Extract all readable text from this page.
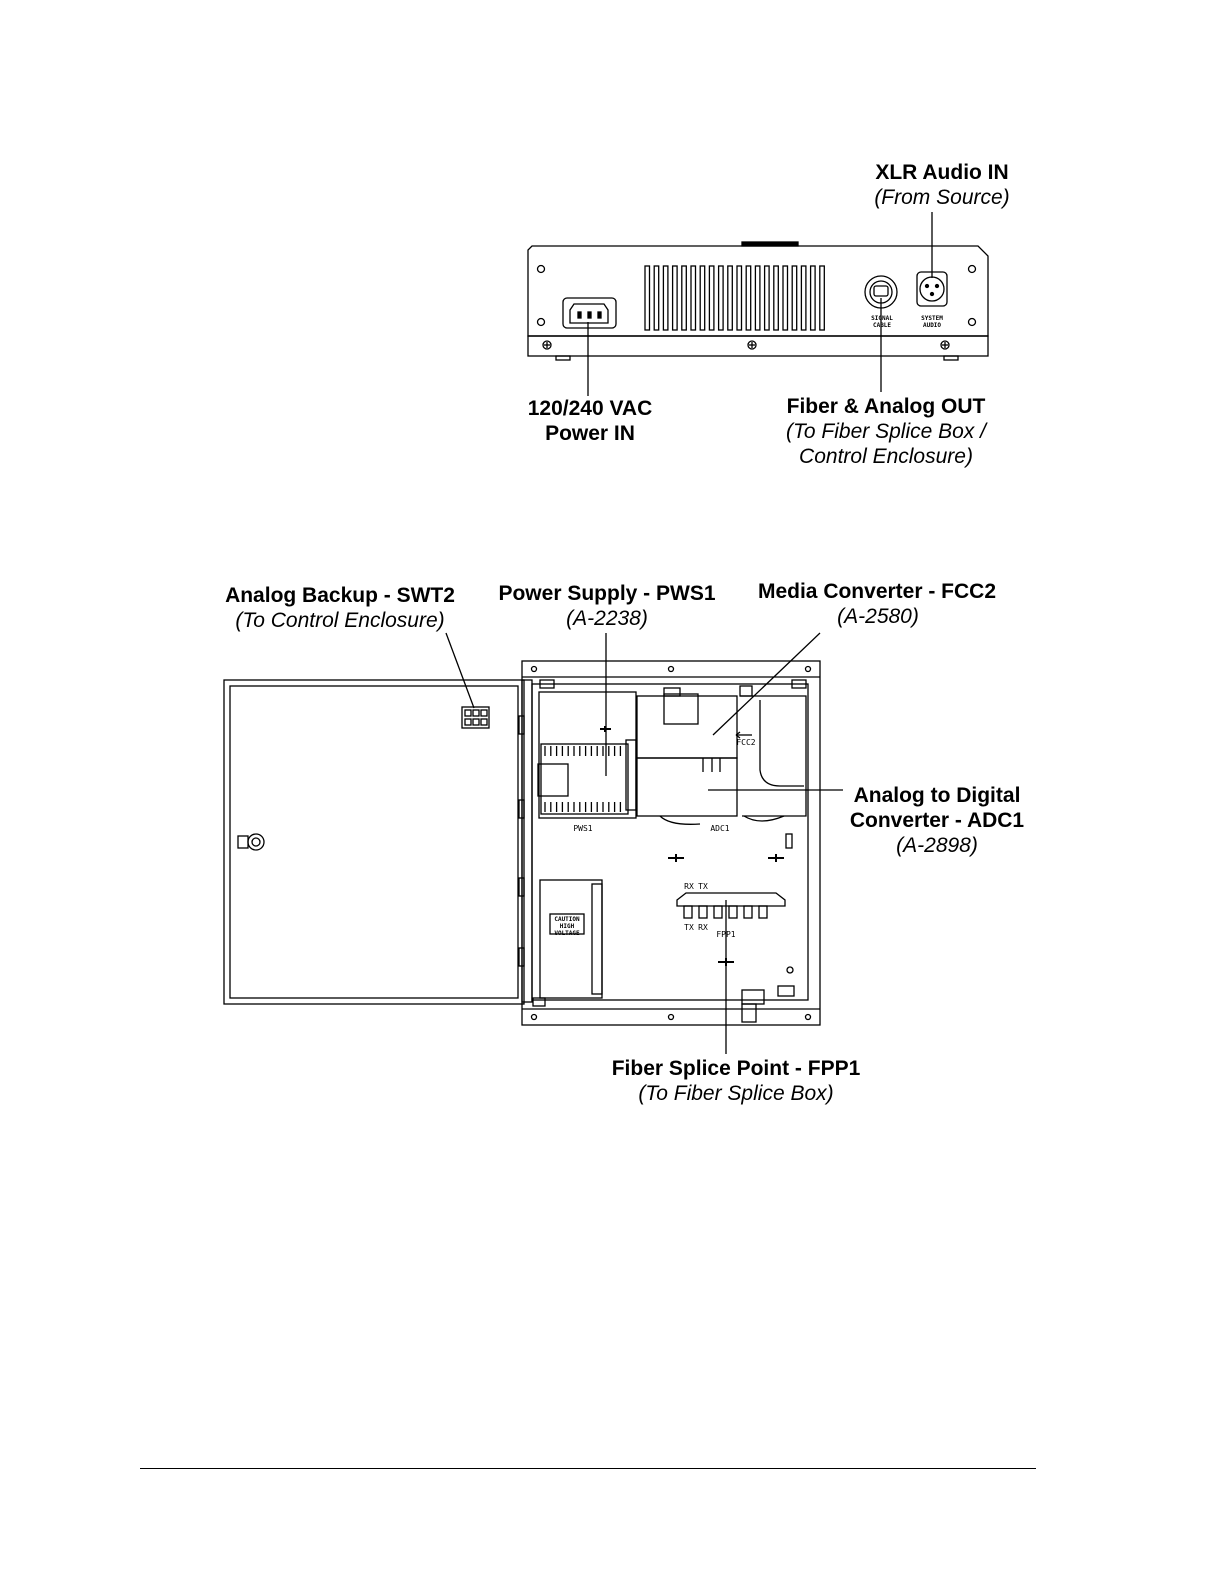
SIGNAL
CABLE
SYSTEM
AUDIO
PWS1	ADC1
FCC2
RX TX
TX RX
FPP1
CAUTION
HIGH
VOLTAGE
XLR Audio IN
(From Source)
120/240 VAC
Power IN
Fiber & Analog OUT
(To Fiber Splice Box /
Control Enclosure)
Analog Backup - SWT2
(To Control Enclosure)
Power Supply - PWS1
(A-2238)
Media Converter - FCC2
(A-2580)
Analog to Digital
Converter - ADC1
(A-2898)
Fiber Splice Point - FPP1
(To Fiber Splice Box)
